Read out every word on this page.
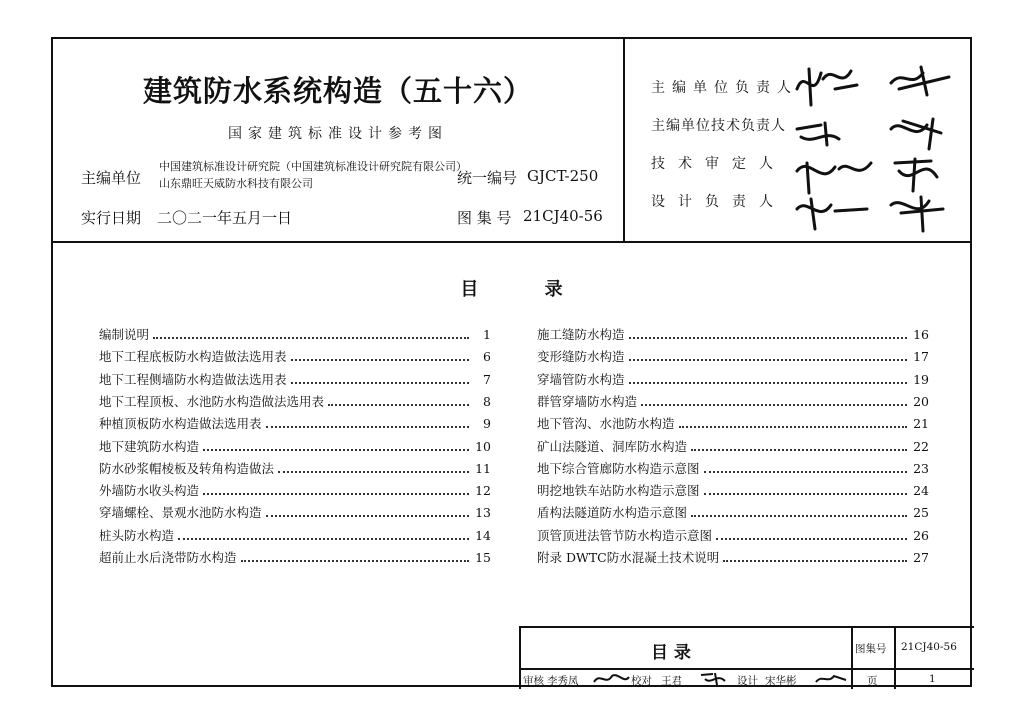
建筑防水系统构造（五十六）
国家建筑标准设计参考图
主编单位
中国建筑标准设计研究院（中国建筑标准设计研究院有限公司）
山东鼎旺天威防水科技有限公司	统一编号 GJCT-250
实行日期 二〇二一年五月一日	图 集 号 21CJ40-56
主编单位负责人
主编单位技术负责人
技术审定人
设计负责人
目	录
编制说明	1
地下工程底板防水构造做法选用表	6
地下工程侧墙防水构造做法选用表	7
地下工程顶板、水池防水构造做法选用表	8
种植顶板防水构造做法选用表	9
地下建筑防水构造	10
防水砂浆帽棱板及转角构造做法	11
外墙防水收头构造	12
穿墙螺栓、景观水池防水构造	13
桩头防水构造	14
超前止水后浇带防水构造	15
施工缝防水构造	16
变形缝防水构造	17
穿墙管防水构造	19
群管穿墙防水构造	20
地下管沟、水池防水构造	21
矿山法隧道、洞库防水构造	22
地下综合管廊防水构造示意图	23
明挖地铁车站防水构造示意图	24
盾构法隧道防水构造示意图	25
顶管顶进法管节防水构造示意图	26
附录 DWTC防水混凝土技术说明	27
目 录	图集号 21CJ40-56
审核 李秀凤	校对 王君	设计 宋华彬	页	1
